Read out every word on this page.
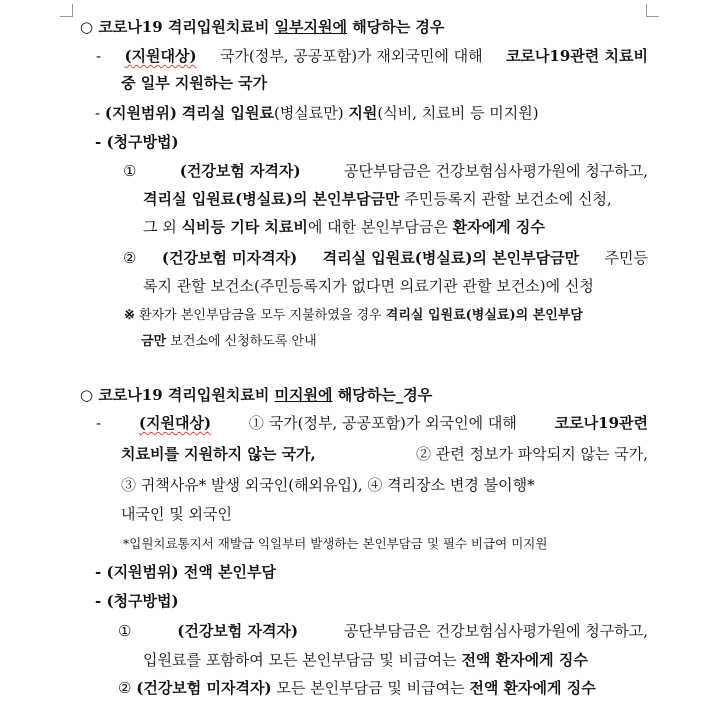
○ 코로나19 격리입원치료비 일부지원에 해당하는 경우
- (지원대상) 국가(정부, 공공포함)가 재외국민에 대해 코로나19관련 치료비
중 일부 지원하는 국가
- (지원범위) 격리실 입원료(병실료만) 지원(식비, 치료비 등 미지원)
- (청구방법)
①	(건강보험 자격자)	공단부담금은 건강보험심사평가원에 청구하고,
격리실 입원료(병실료)의 본인부담금만 주민등록지 관할 보건소에 신청,
그 외 식비등 기타 치료비에 대한 본인부담금은 환자에게 징수
② (건강보험 미자격자) 격리실 입원료(병실료)의 본인부담금만 주민등
록지 관할 보건소(주민등록지가 없다면 의료기관 관할 보건소)에 신청
※ 환자가 본인부담금을 모두 지불하였을 경우 격리실 입원료(병실료)의 본인부담
금만 보건소에 신청하도록 안내
○ 코로나19 격리입원치료비 미지원에 해당하는_경우
-	(지원대상)	① 국가(정부, 공공포함)가 외국인에 대해	코로나19관련
치료비를 지원하지 않는 국가,	② 관련 정보가 파악되지 않는 국가,
③ 귀책사유* 발생 외국인(해외유입), ④ 격리장소 변경 불이행*
내국인 및 외국인
*입원치료통지서 재발급 익일부터 발생하는 본인부담금 및 필수 비급여 미지원
- (지원범위) 전액 본인부담
- (청구방법)
①	(건강보험 자격자)	공단부담금은 건강보험심사평가원에 청구하고,
입원료를 포함하여 모든 본인부담금 및 비급여는 전액 환자에게 징수
② (건강보험 미자격자) 모든 본인부담금 및 비급여는 전액 환자에게 징수
